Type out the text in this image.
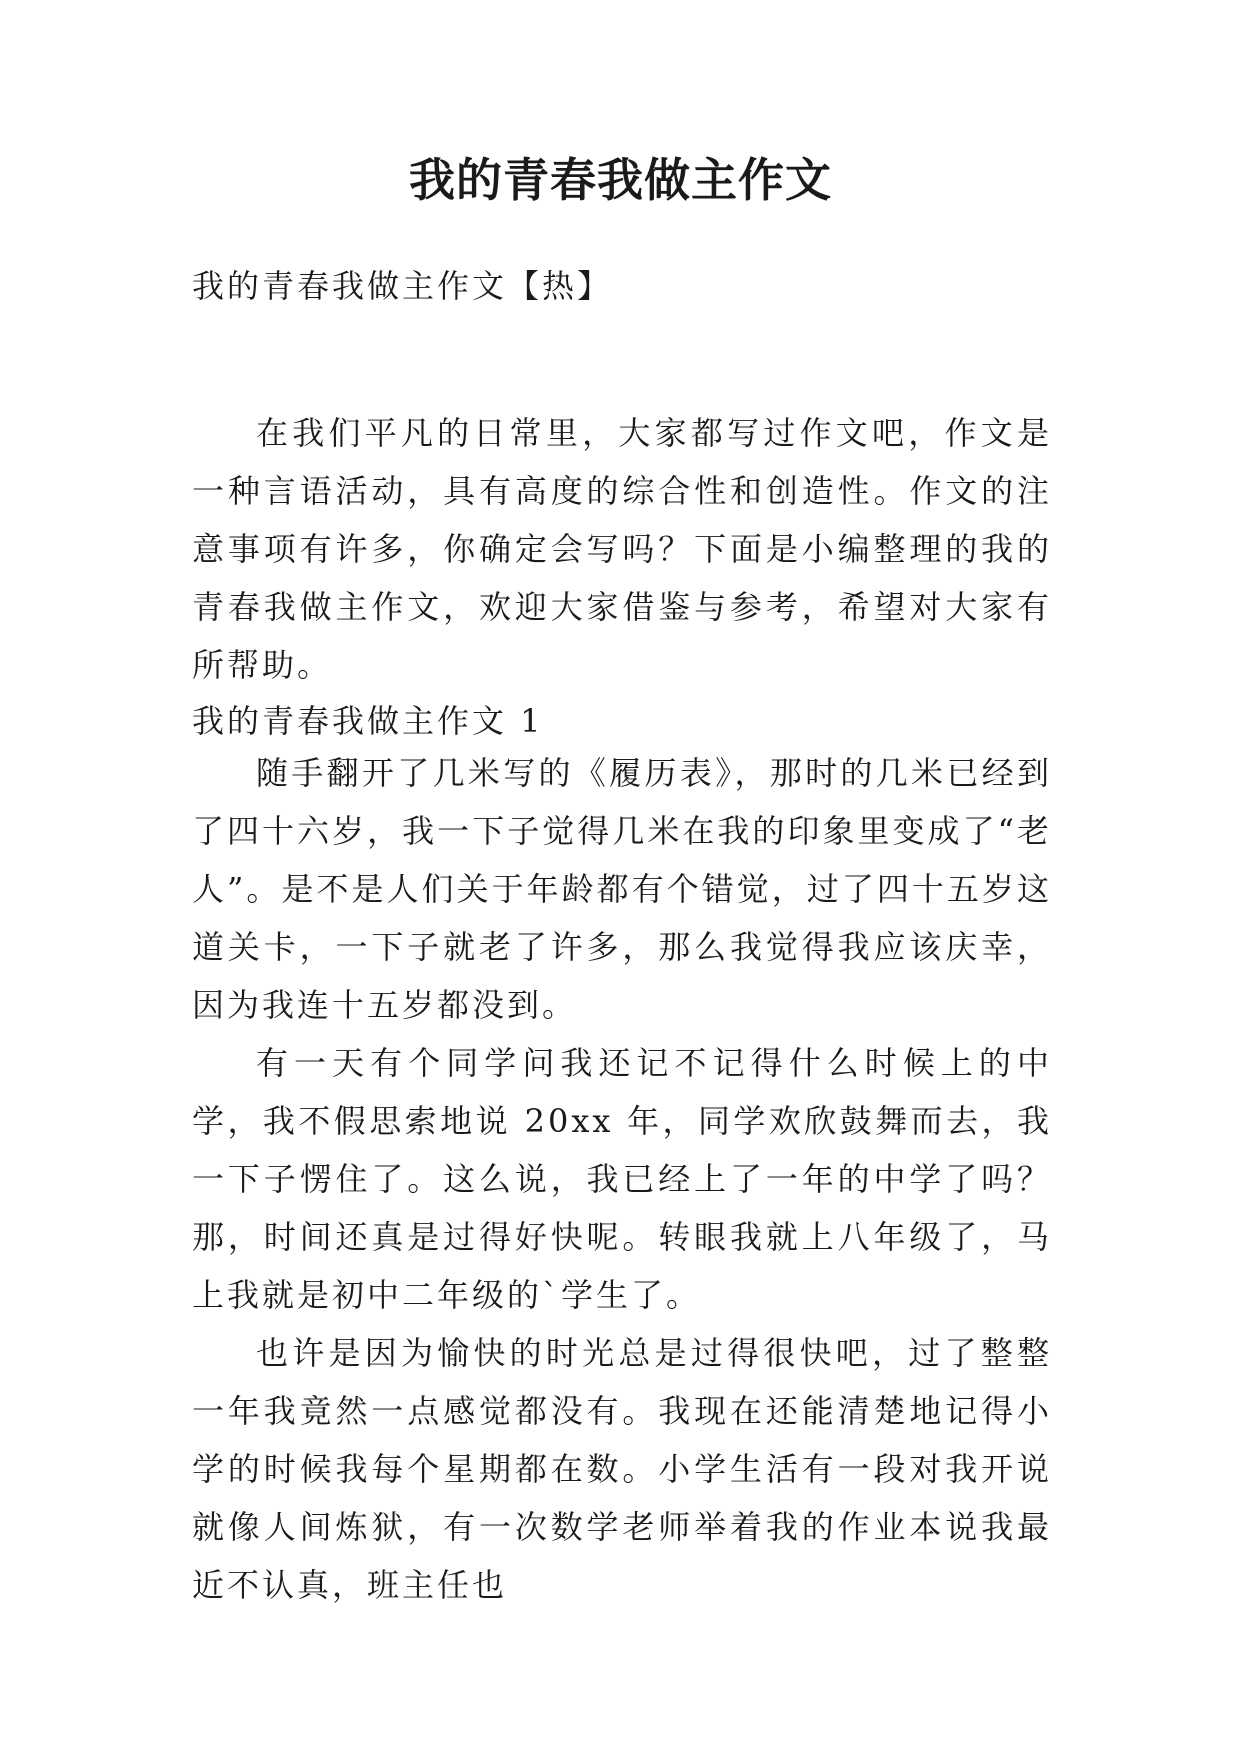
我的青春我做主作文
我的青春我做主作文【热】

在我们平凡的日常里，大家都写过作文吧，作文是一种言语活动，具有高度的综合性和创造性。作文的注意事项有许多，你确定会写吗？下面是小编整理的我的青春我做主作文，欢迎大家借鉴与参考，希望对大家有所帮助。

我的青春我做主作文 1

随手翻开了几米写的《履历表》，那时的几米已经到了四十六岁，我一下子觉得几米在我的印象里变成了“老人”。是不是人们关于年龄都有个错觉，过了四十五岁这道关卡，一下子就老了许多，那么我觉得我应该庆幸，因为我连十五岁都没到。

有一天有个同学问我还记不记得什么时候上的中学，我不假思索地说 20xx 年，同学欢欣鼓舞而去，我一下子愣住了。这么说，我已经上了一年的中学了吗？那，时间还真是过得好快呢。转眼我就上八年级了，马上我就是初中二年级的`学生了。

也许是因为愉快的时光总是过得很快吧，过了整整一年我竟然一点感觉都没有。我现在还能清楚地记得小学的时候我每个星期都在数。小学生活有一段对我开说就像人间炼狱，有一次数学老师举着我的作业本说我最近不认真，班主任也
